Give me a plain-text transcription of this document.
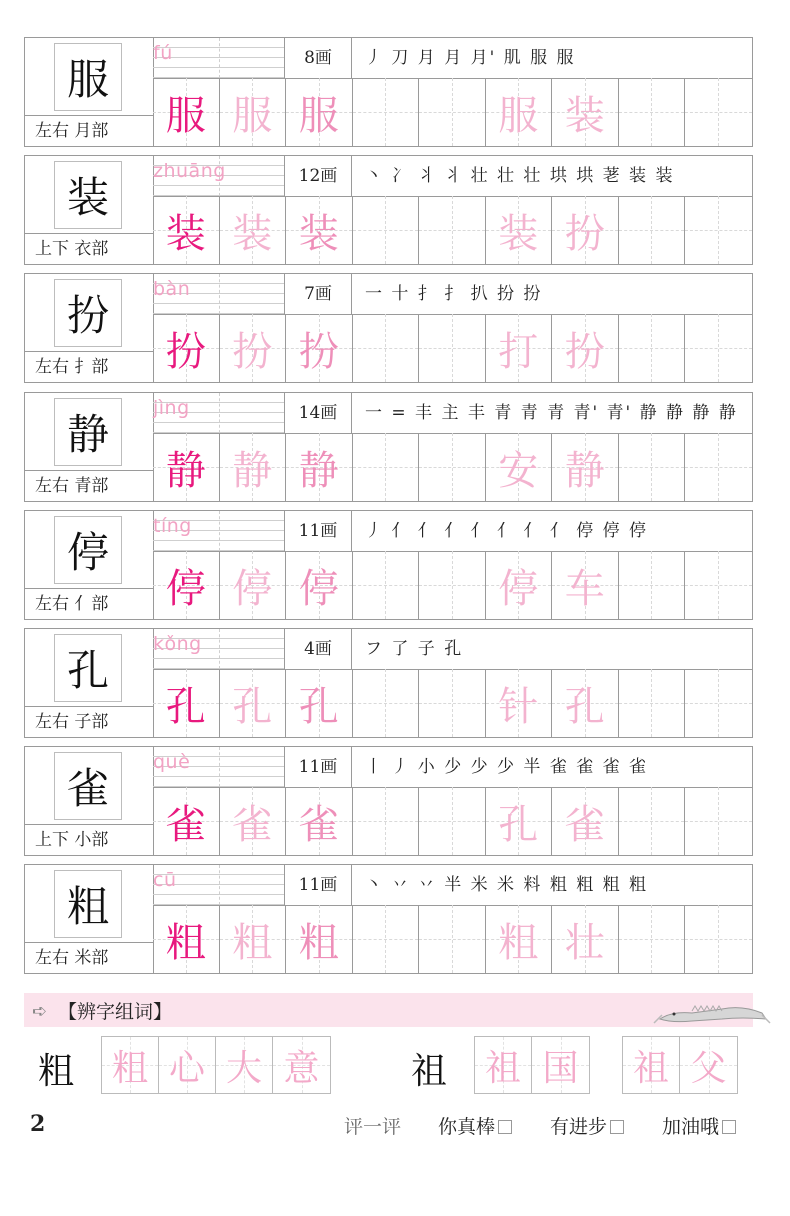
服
左右 月部
fú	8画	丿 刀 月 月 月' 肌 服 服
服 服 服	服 装
装
上下 衣部
zhuāng	12画	丶 冫 丬 丬 壮 壮 壮 垬 垬 荖 装 装
装 装 装	装 扮
扮
左右 扌部
bàn	7画	一 十 扌 扌 扒 扮 扮
扮 扮 扮	打 扮
静
左右 青部
jìng	14画	一 = 丰 主 丰 青 青 青 青' 青' 静 静 静 静
静 静 静	安 静
停
左右 亻部
tíng	11画	丿 亻 亻 亻 亻 亻 亻 亻 停 停 停
停 停 停	停 车
孔
左右 子部
kǒng	4画	フ 了 子 孔
孔 孔 孔	针 孔
雀
上下 小部
què	11画	丨 丿 小 少 少 少 半 雀 雀 雀 雀
雀 雀 雀	孔 雀
粗
左右 米部
cū	11画	丶 丷 丷 半 米 米 料 粗 粗 粗 粗
粗 粗 粗	粗 壮
➪ 【辨字组词】
粗 粗 心 大 意	祖 祖 国 祖 父
2	评一评 你真棒	有进步	加油哦
